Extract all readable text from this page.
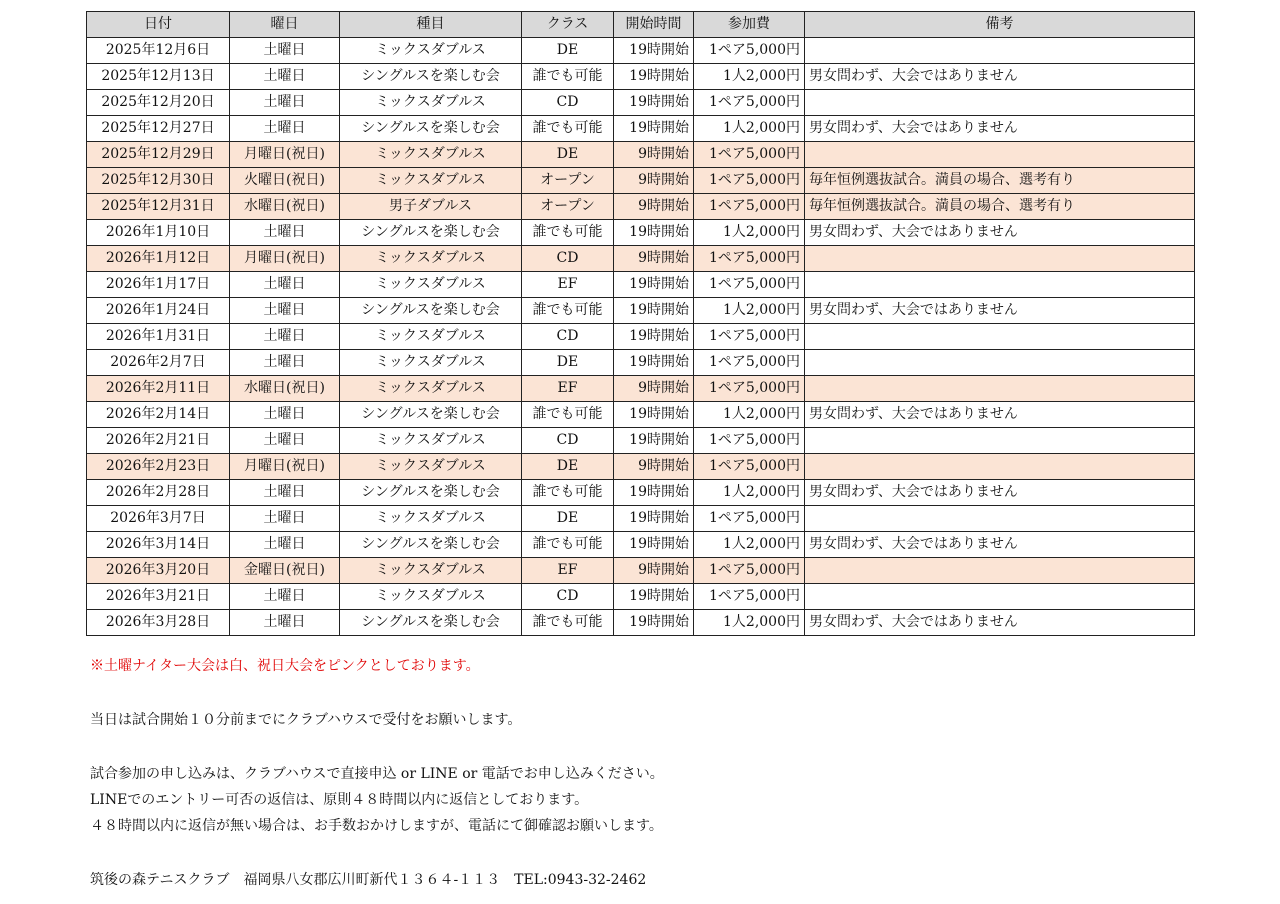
日付	曜日	種目	クラス	開始時間	参加費	備考
2025年12月6日	土曜日	ミックスダブルス	DE	19時開始	1ペア5,000円	
2025年12月13日	土曜日	シングルスを楽しむ会	誰でも可能	19時開始	1人2,000円	男女問わず、大会ではありません
2025年12月20日	土曜日	ミックスダブルス	CD	19時開始	1ペア5,000円	
2025年12月27日	土曜日	シングルスを楽しむ会	誰でも可能	19時開始	1人2,000円	男女問わず、大会ではありません
2025年12月29日	月曜日(祝日)	ミックスダブルス	DE	9時開始	1ペア5,000円	
2025年12月30日	火曜日(祝日)	ミックスダブルス	オープン	9時開始	1ペア5,000円	毎年恒例選抜試合。満員の場合、選考有り
2025年12月31日	水曜日(祝日)	男子ダブルス	オープン	9時開始	1ペア5,000円	毎年恒例選抜試合。満員の場合、選考有り
2026年1月10日	土曜日	シングルスを楽しむ会	誰でも可能	19時開始	1人2,000円	男女問わず、大会ではありません
2026年1月12日	月曜日(祝日)	ミックスダブルス	CD	9時開始	1ペア5,000円	
2026年1月17日	土曜日	ミックスダブルス	EF	19時開始	1ペア5,000円	
2026年1月24日	土曜日	シングルスを楽しむ会	誰でも可能	19時開始	1人2,000円	男女問わず、大会ではありません
2026年1月31日	土曜日	ミックスダブルス	CD	19時開始	1ペア5,000円	
2026年2月7日	土曜日	ミックスダブルス	DE	19時開始	1ペア5,000円	
2026年2月11日	水曜日(祝日)	ミックスダブルス	EF	9時開始	1ペア5,000円	
2026年2月14日	土曜日	シングルスを楽しむ会	誰でも可能	19時開始	1人2,000円	男女問わず、大会ではありません
2026年2月21日	土曜日	ミックスダブルス	CD	19時開始	1ペア5,000円	
2026年2月23日	月曜日(祝日)	ミックスダブルス	DE	9時開始	1ペア5,000円	
2026年2月28日	土曜日	シングルスを楽しむ会	誰でも可能	19時開始	1人2,000円	男女問わず、大会ではありません
2026年3月7日	土曜日	ミックスダブルス	DE	19時開始	1ペア5,000円	
2026年3月14日	土曜日	シングルスを楽しむ会	誰でも可能	19時開始	1人2,000円	男女問わず、大会ではありません
2026年3月20日	金曜日(祝日)	ミックスダブルス	EF	9時開始	1ペア5,000円	
2026年3月21日	土曜日	ミックスダブルス	CD	19時開始	1ペア5,000円	
2026年3月28日	土曜日	シングルスを楽しむ会	誰でも可能	19時開始	1人2,000円	男女問わず、大会ではありません
※土曜ナイター大会は白、祝日大会をピンクとしております。
当日は試合開始１０分前までにクラブハウスで受付をお願いします。
試合参加の申し込みは、クラブハウスで直接申込 or LINE or 電話でお申し込みください。
LINEでのエントリー可否の返信は、原則４８時間以内に返信としております。
４８時間以内に返信が無い場合は、お手数おかけしますが、電話にて御確認お願いします。
筑後の森テニスクラブ　福岡県八女郡広川町新代１３６４-１１３　TEL:0943-32-2462
